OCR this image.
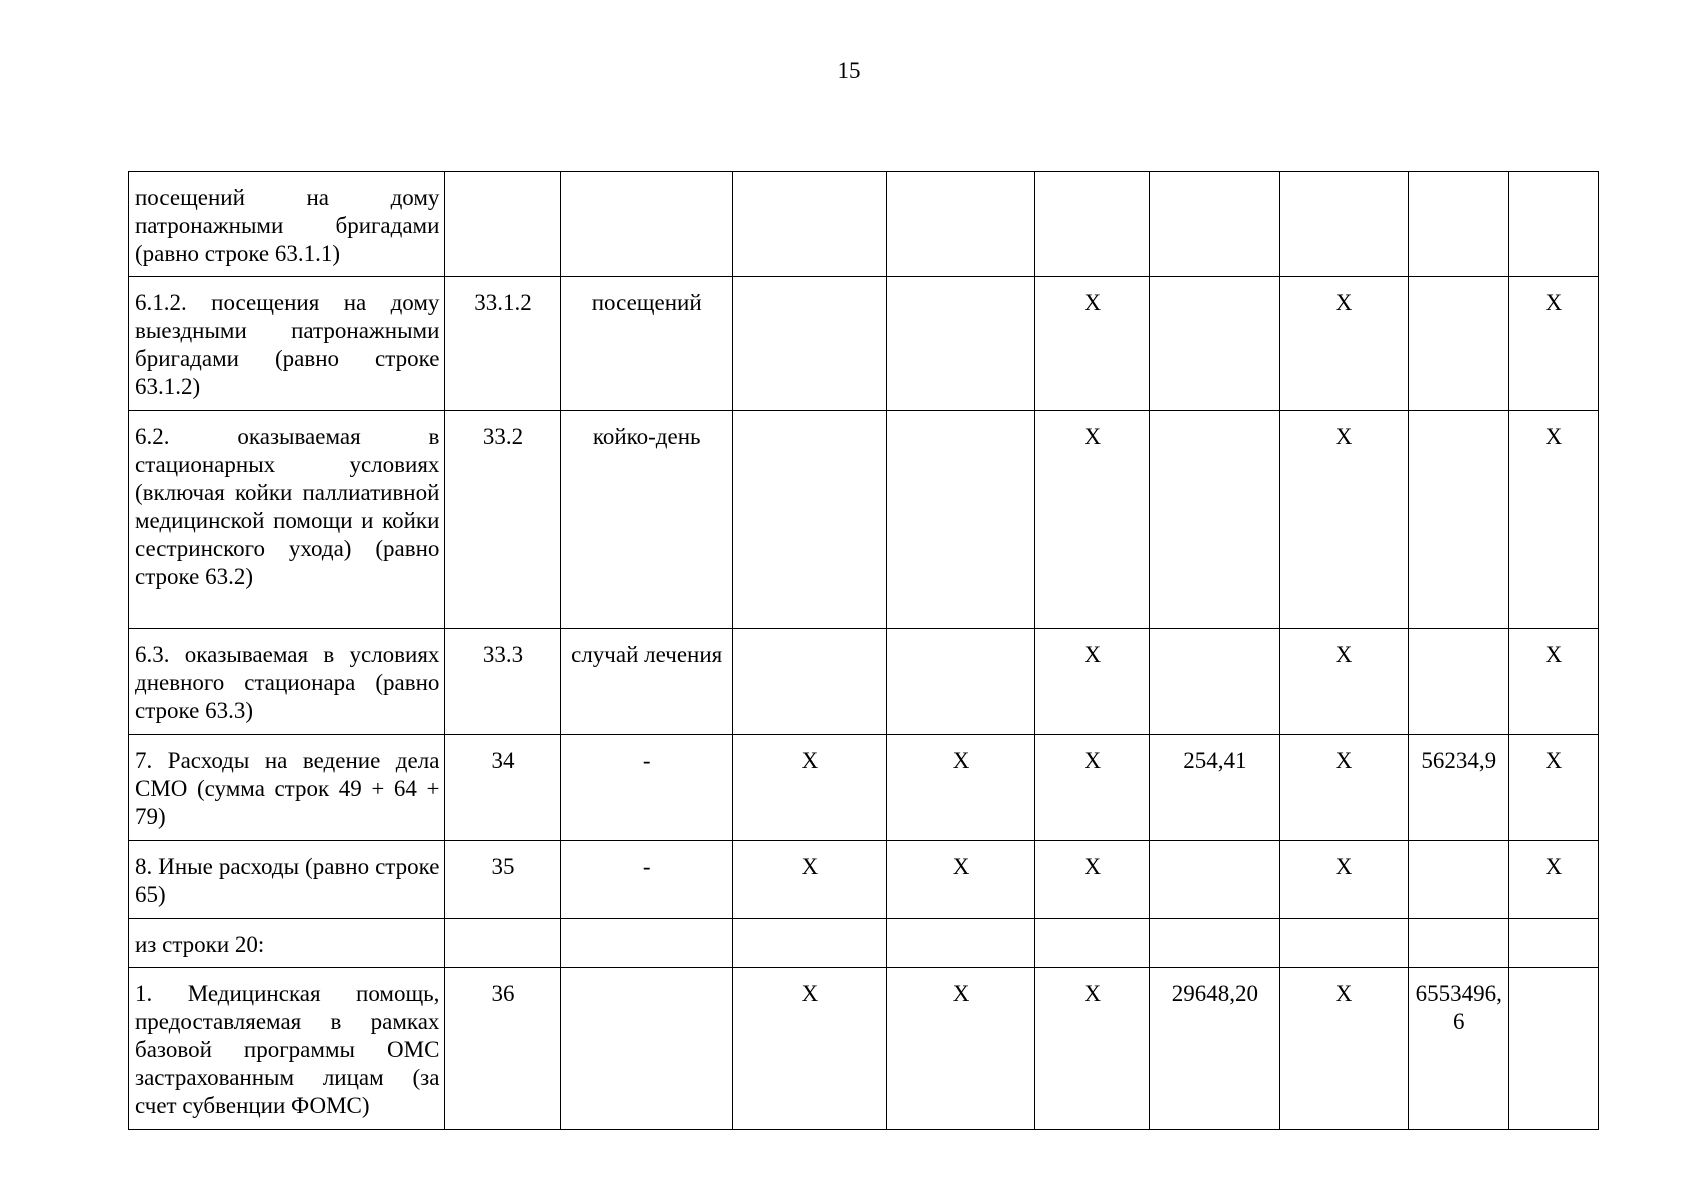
15
посещений на дому патронажными бригадами (равно строке 63.1.1)									
6.1.2. посещения на дому выездными патронажными бригадами (равно строке 63.1.2)	33.1.2	посещений			X		X		X
6.2. оказываемая в стационарных условиях (включая койки паллиативной медицинской помощи и койки сестринского ухода) (равно строке 63.2)	33.2	койко-день			X		X		X
6.3. оказываемая в условиях дневного стационара (равно строке 63.3)	33.3	случай лечения			X		X		X
7. Расходы на ведение дела СМО (сумма строк 49 + 64 + 79)	34	-	X	X	X	254,41	X	56234,9	X
8. Иные расходы (равно строке 65)	35	-	X	X	X		X		X
из строки 20:									
1. Медицинская помощь, предоставляемая в рамках базовой программы ОМС застрахованным лицам (за счет субвенции ФОМС)	36		X	X	X	29648,20	X	6553496,6	
